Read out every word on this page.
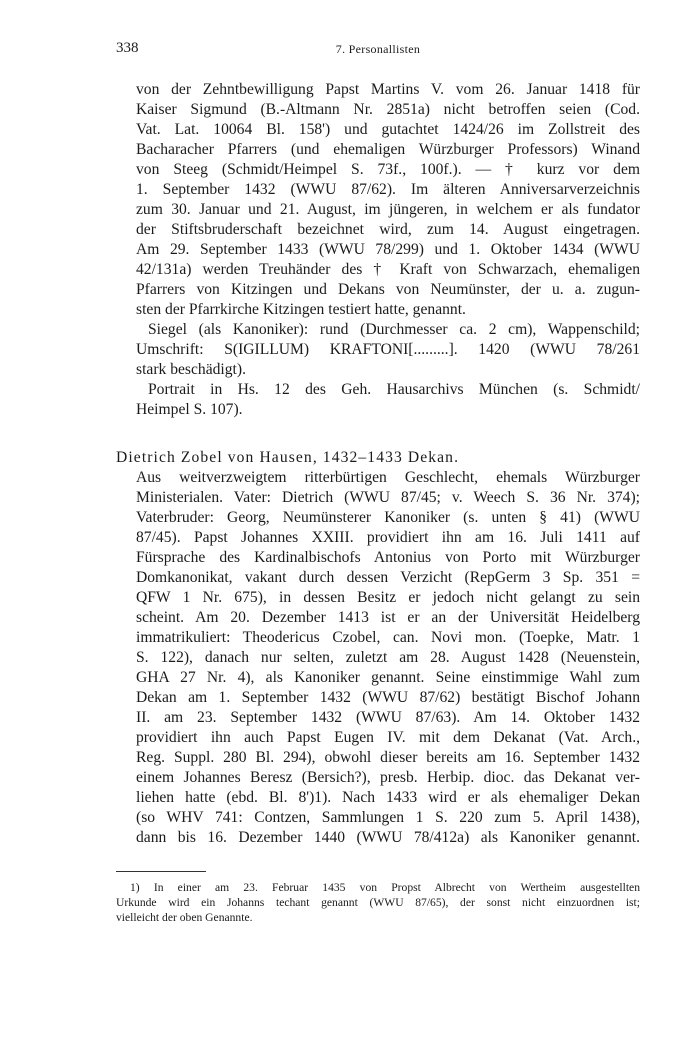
338	7. Personallisten
von der Zehntbewilligung Papst Martins V. vom 26. Januar 1418 für
Kaiser Sigmund (B.-Altmann Nr. 2851a) nicht betroffen seien (Cod.
Vat. Lat. 10064 Bl. 158') und gutachtet 1424/26 im Zollstreit des
Bacharacher Pfarrers (und ehemaligen Würzburger Professors) Winand
von Steeg (Schmidt/Heimpel S. 73f., 100f.). — † kurz vor dem
1. September 1432 (WWU 87/62). Im älteren Anniversarverzeichnis
zum 30. Januar und 21. August, im jüngeren, in welchem er als fundator
der Stiftsbruderschaft bezeichnet wird, zum 14. August eingetragen.
Am 29. September 1433 (WWU 78/299) und 1. Oktober 1434 (WWU
42/131a) werden Treuhänder des † Kraft von Schwarzach, ehemaligen
Pfarrers von Kitzingen und Dekans von Neumünster, der u. a. zugun-
sten der Pfarrkirche Kitzingen testiert hatte, genannt.
Siegel (als Kanoniker): rund (Durchmesser ca. 2 cm), Wappenschild;
Umschrift: S(IGILLUM) KRAFTONI[.........]. 1420 (WWU 78/261
stark beschädigt).
Portrait in Hs. 12 des Geh. Hausarchivs München (s. Schmidt/
Heimpel S. 107).
Dietrich Zobel von Hausen, 1432–1433 Dekan.
Aus weitverzweigtem ritterbürtigen Geschlecht, ehemals Würzburger
Ministerialen. Vater: Dietrich (WWU 87/45; v. Weech S. 36 Nr. 374);
Vaterbruder: Georg, Neumünsterer Kanoniker (s. unten § 41) (WWU
87/45). Papst Johannes XXIII. providiert ihn am 16. Juli 1411 auf
Fürsprache des Kardinalbischofs Antonius von Porto mit Würzburger
Domkanonikat, vakant durch dessen Verzicht (RepGerm 3 Sp. 351 =
QFW 1 Nr. 675), in dessen Besitz er jedoch nicht gelangt zu sein
scheint. Am 20. Dezember 1413 ist er an der Universität Heidelberg
immatrikuliert: Theodericus Czobel, can. Novi mon. (Toepke, Matr. 1
S. 122), danach nur selten, zuletzt am 28. August 1428 (Neuenstein,
GHA 27 Nr. 4), als Kanoniker genannt. Seine einstimmige Wahl zum
Dekan am 1. September 1432 (WWU 87/62) bestätigt Bischof Johann
II. am 23. September 1432 (WWU 87/63). Am 14. Oktober 1432
providiert ihn auch Papst Eugen IV. mit dem Dekanat (Vat. Arch.,
Reg. Suppl. 280 Bl. 294), obwohl dieser bereits am 16. September 1432
einem Johannes Beresz (Bersich?), presb. Herbip. dioc. das Dekanat ver-
liehen hatte (ebd. Bl. 8')1). Nach 1433 wird er als ehemaliger Dekan
(so WHV 741: Contzen, Sammlungen 1 S. 220 zum 5. April 1438),
dann bis 16. Dezember 1440 (WWU 78/412a) als Kanoniker genannt.
1) In einer am 23. Februar 1435 von Propst Albrecht von Wertheim ausgestellten
Urkunde wird ein Johanns techant genannt (WWU 87/65), der sonst nicht einzuordnen ist;
vielleicht der oben Genannte.
